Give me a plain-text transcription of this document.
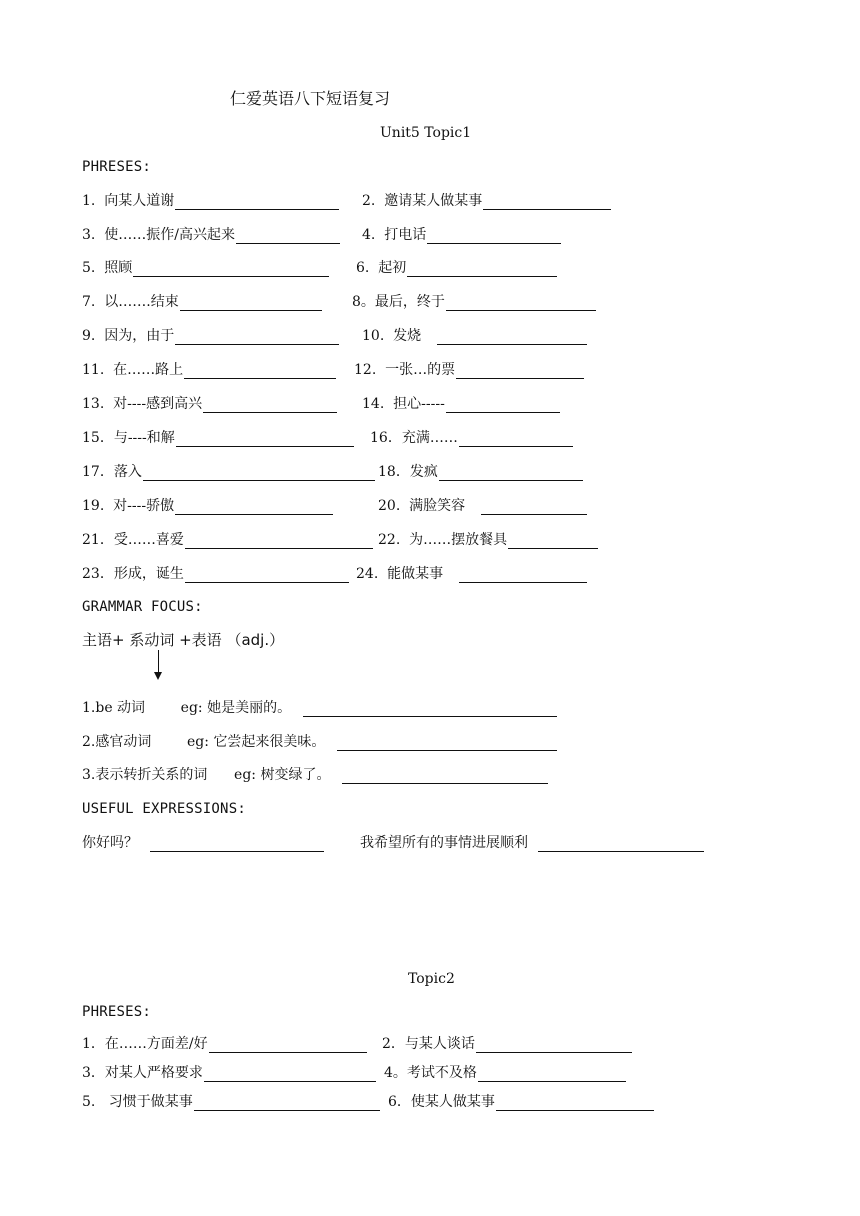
仁爱英语八下短语复习
Unit5 Topic1
PHRESES:
1.  向某人道谢	2.  邀请某人做某事
3.  使……振作/高兴起来	4.  打电话
5.  照顾	6.  起初
7.  以…….结束	8。最后，终于
9.  因为，由于	10.  发烧
11.  在……路上	12.  一张…的票
13.  对----感到高兴	14.  担心-----
15．与----和解	16．充满……
17．落入	18．发疯
19.  对----骄傲	20.  满脸笑容
21．受……喜爱	22.  为……摆放餐具
23．形成，诞生	24.  能做某事
GRAMMAR FOCUS:
主语+ 系动词 +表语 （adj.）
1.be 动词        eg: 她是美丽的。
2.感官动词        eg: 它尝起来很美味。
3.表示转折关系的词      eg: 树变绿了。
USEFUL EXPRESSIONS:
你好吗？	我希望所有的事情进展顺利
Topic2
PHRESES:
1．在……方面差/好	2．与某人谈话
3．对某人严格要求	4。考试不及格
5.   习惯于做某事	6．使某人做某事
